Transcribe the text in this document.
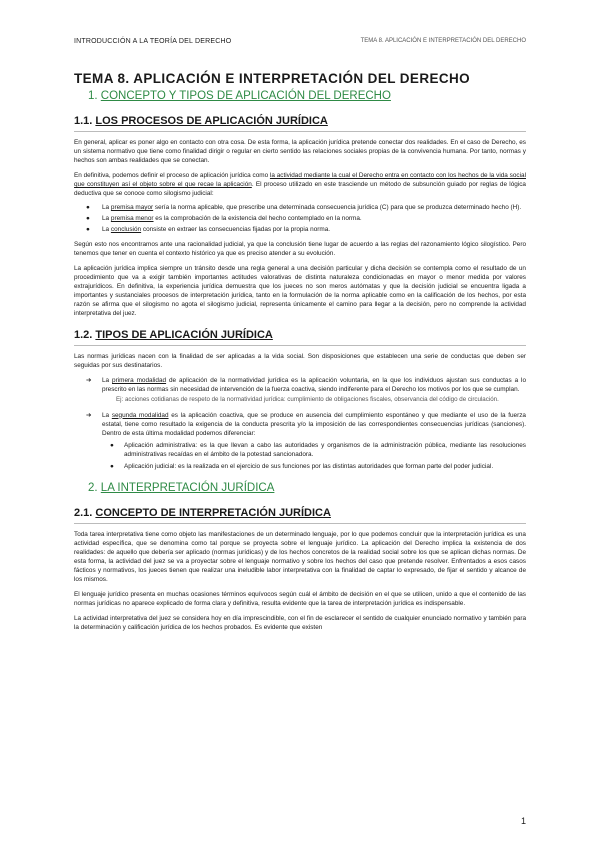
INTRODUCCIÓN A LA TEORÍA DEL DERECHO	TEMA 8. APLICACIÓN E INTERPRETACIÓN DEL DERECHO
TEMA 8. APLICACIÓN E INTERPRETACIÓN DEL DERECHO
1. CONCEPTO Y TIPOS DE APLICACIÓN DEL DERECHO
1.1. LOS PROCESOS DE APLICACIÓN JURÍDICA

En general, aplicar es poner algo en contacto con otra cosa. De esta forma, la aplicación jurídica pretende conectar dos realidades. En el caso de Derecho, es un sistema normativo que tiene como finalidad dirigir o regular en cierto sentido las relaciones sociales propias de la convivencia humana. Por tanto, normas y hechos son ambas realidades que se conectan.

En definitiva, podemos definir el proceso de aplicación jurídica como la actividad mediante la cual el Derecho entra en contacto con los hechos de la vida social que constituyen así el objeto sobre el que recae la aplicación. El proceso utilizado en este trasciende un método de subsunción guiado por reglas de lógica deductiva que se conoce como silogismo judicial:

● La premisa mayor sería la norma aplicable, que prescribe una determinada consecuencia jurídica (C) para que se produzca determinado hecho (H).
● La premisa menor es la comprobación de la existencia del hecho contemplado en la norma.
● La conclusión consiste en extraer las consecuencias fijadas por la propia norma.

Según esto nos encontramos ante una racionalidad judicial, ya que la conclusión tiene lugar de acuerdo a las reglas del razonamiento lógico silogístico. Pero tenemos que tener en cuenta el contexto histórico ya que es preciso atender a su evolución.

La aplicación jurídica implica siempre un tránsito desde una regla general a una decisión particular y dicha decisión se contempla como el resultado de un procedimiento que va a exigir también importantes actitudes valorativas de distinta naturaleza condicionadas en mayor o menor medida por valores extrajurídicos. En definitiva, la experiencia jurídica demuestra que los jueces no son meros autómatas y que la decisión judicial se encuentra ligada a importantes y sustanciales procesos de interpretación jurídica, tanto en la formulación de la norma aplicable como en la calificación de los hechos, por esta razón se afirma que el silogismo no agota el silogismo judicial, representa únicamente el camino para llegar a la decisión, pero no comprende la actividad interpretativa del juez.

1.2. TIPOS DE APLICACIÓN JURÍDICA

Las normas jurídicas nacen con la finalidad de ser aplicadas a la vida social. Son disposiciones que establecen una serie de conductas que deben ser seguidas por sus destinatarios.

➔ La primera modalidad de aplicación de la normatividad jurídica es la aplicación voluntaria, en la que los individuos ajustan sus conductas a lo prescrito en las normas sin necesidad de intervención de la fuerza coactiva, siendo indiferente para el Derecho los motivos por los que se cumplan.
Ej: acciones cotidianas de respeto de la normatividad jurídica: cumplimiento de obligaciones fiscales, observancia del código de circulación.
➔ La segunda modalidad es la aplicación coactiva, que se produce en ausencia del cumplimiento espontáneo y que mediante el uso de la fuerza estatal, tiene como resultado la exigencia de la conducta prescrita y/o la imposición de las correspondientes consecuencias jurídicas (sanciones). Dentro de esta última modalidad podemos diferenciar:
● Aplicación administrativa: es la que llevan a cabo las autoridades y organismos de la administración pública, mediante las resoluciones administrativas recaídas en el ámbito de la potestad sancionadora.
● Aplicación judicial: es la realizada en el ejercicio de sus funciones por las distintas autoridades que forman parte del poder judicial.
2. LA INTERPRETACIÓN JURÍDICA
2.1. CONCEPTO DE INTERPRETACIÓN JURÍDICA

Toda tarea interpretativa tiene como objeto las manifestaciones de un determinado lenguaje, por lo que podemos concluir que la interpretación jurídica es una actividad específica, que se denomina como tal porque se proyecta sobre el lenguaje jurídico. La aplicación del Derecho implica la existencia de dos realidades: de aquello que debería ser aplicado (normas jurídicas) y de los hechos concretos de la realidad social sobre los que se aplican dichas normas. De esta forma, la actividad del juez se va a proyectar sobre el lenguaje normativo y sobre los hechos del caso que pretende resolver. Enfrentados a esos casos fácticos y normativos, los jueces tienen que realizar una ineludible labor interpretativa con la finalidad de captar lo expresado, de fijar el sentido y alcance de los mismos.

El lenguaje jurídico presenta en muchas ocasiones términos equívocos según cuál el ámbito de decisión en el que se utilicen, unido a que el contenido de las normas jurídicas no aparece explicado de forma clara y definitiva, resulta evidente que la tarea de interpretación jurídica es indispensable.

La actividad interpretativa del juez se considera hoy en día imprescindible, con el fin de esclarecer el sentido de cualquier enunciado normativo y también para la determinación y calificación jurídica de los hechos probados. Es evidente que existen

1
